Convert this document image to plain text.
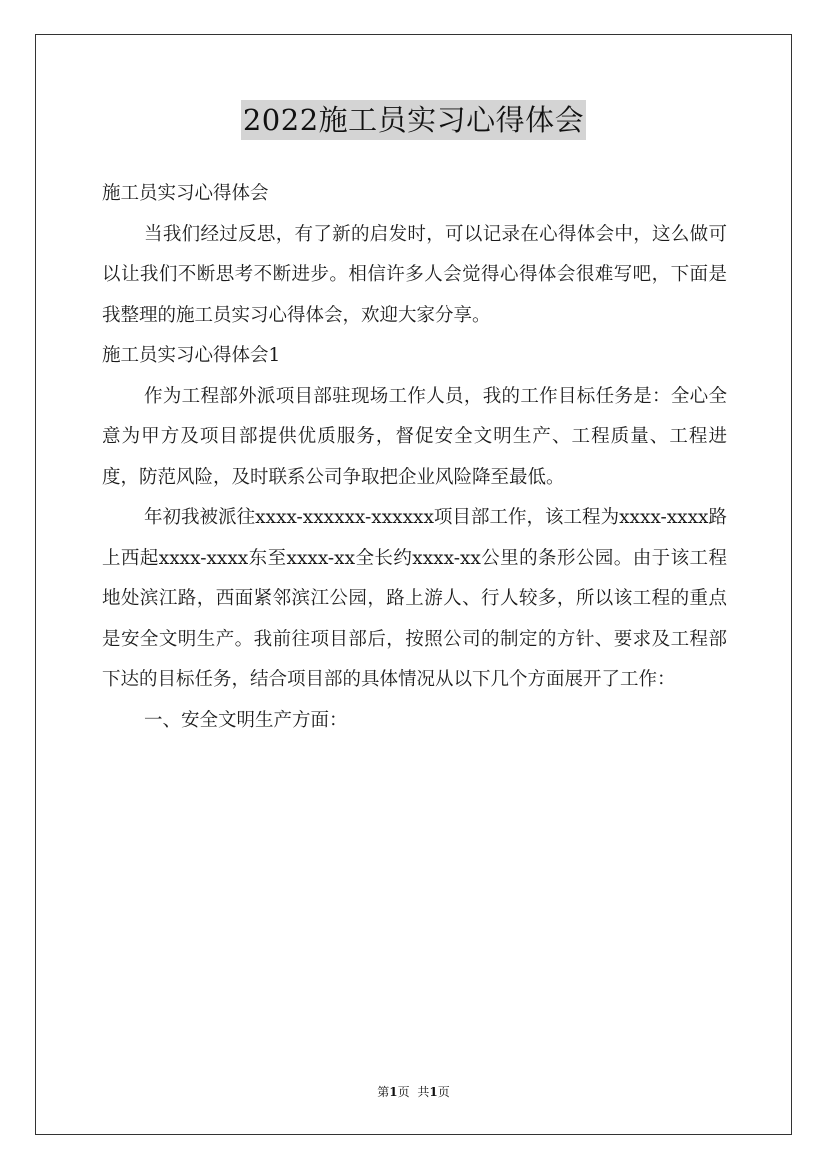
2022施工员实习心得体会

施工员实习心得体会

当我们经过反思，有了新的启发时，可以记录在心得体会中，这么做可以让我们不断思考不断进步。相信许多人会觉得心得体会很难写吧，下面是我整理的施工员实习心得体会，欢迎大家分享。

施工员实习心得体会1

作为工程部外派项目部驻现场工作人员，我的工作目标任务是：全心全意为甲方及项目部提供优质服务，督促安全文明生产、工程质量、工程进度，防范风险，及时联系公司争取把企业风险降至最低。

年初我被派往xxxx-xxxxxx-xxxxxx项目部工作，该工程为xxxx-xxxx路上西起xxxx-xxxx东至xxxx-xx全长约xxxx-xx公里的条形公园。由于该工程地处滨江路，西面紧邻滨江公园，路上游人、行人较多，所以该工程的重点是安全文明生产。我前往项目部后，按照公司的制定的方针、要求及工程部下达的目标任务，结合项目部的具体情况从以下几个方面展开了工作：

一、安全文明生产方面：

第1页 共1页
